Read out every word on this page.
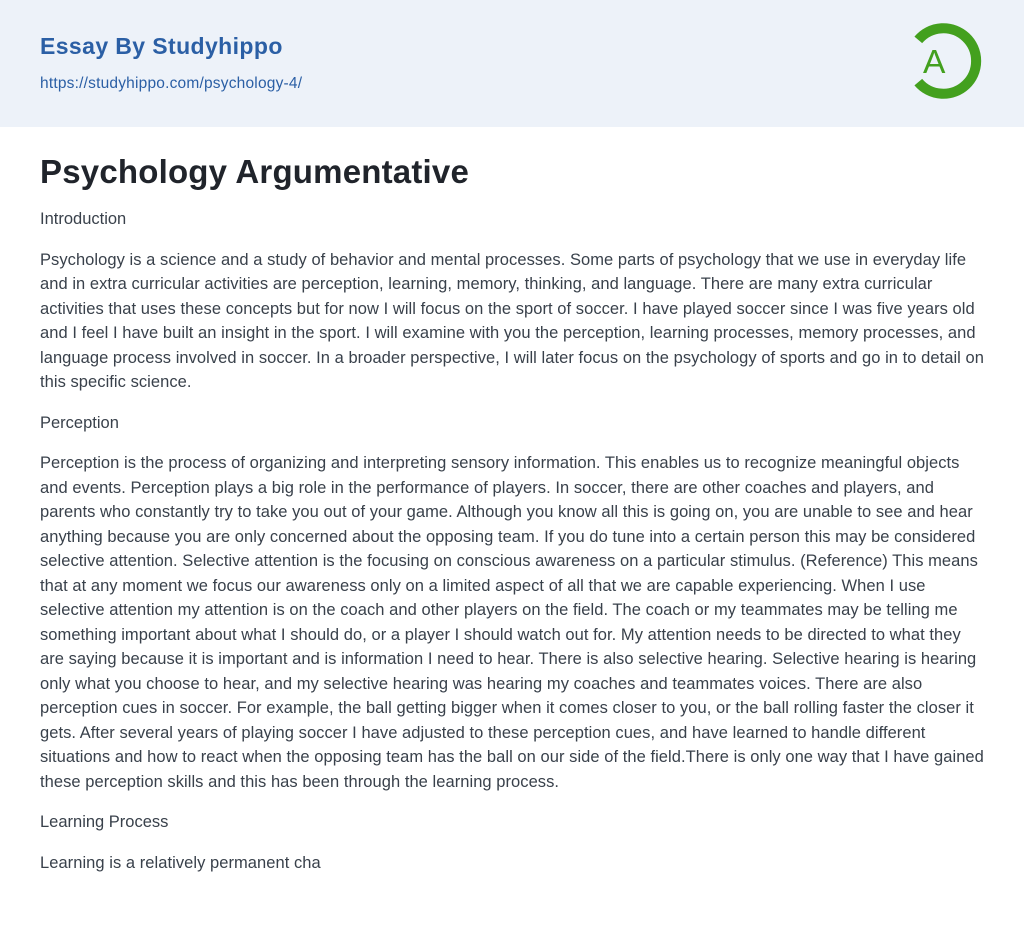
Essay By Studyhippo
https://studyhippo.com/psychology-4/
A
Psychology Argumentative

Introduction

Psychology is a science and a study of behavior and mental processes. Some parts of psychology that we use in everyday life and in extra curricular activities are perception, learning, memory, thinking, and language. There are many extra curricular activities that uses these concepts but for now I will focus on the sport of soccer. I have played soccer since I was five years old and I feel I have built an insight in the sport. I will examine with you the perception, learning processes, memory processes, and language process involved in soccer. In a broader perspective, I will later focus on the psychology of sports and go in to detail on this specific science.

Perception

Perception is the process of organizing and interpreting sensory information. This enables us to recognize meaningful objects and events. Perception plays a big role in the performance of players. In soccer, there are other coaches and players, and parents who constantly try to take you out of your game. Although you know all this is going on, you are unable to see and hear anything because you are only concerned about the opposing team. If you do tune into a certain person this may be considered selective attention. Selective attention is the focusing on conscious awareness on a particular stimulus. (Reference) This means that at any moment we focus our awareness only on a limited aspect of all that we are capable experiencing. When I use selective attention my attention is on the coach and other players on the field. The coach or my teammates may be telling me something important about what I should do, or a player I should watch out for. My attention needs to be directed to what they are saying because it is important and is information I need to hear. There is also selective hearing. Selective hearing is hearing only what you choose to hear, and my selective hearing was hearing my coaches and teammates voices. There are also perception cues in soccer. For example, the ball getting bigger when it comes closer to you, or the ball rolling faster the closer it gets. After several years of playing soccer I have adjusted to these perception cues, and have learned to handle different situations and how to react when the opposing team has the ball on our side of the field.There is only one way that I have gained these perception skills and this has been through the learning process.

Learning Process

Learning is a relatively permanent cha
